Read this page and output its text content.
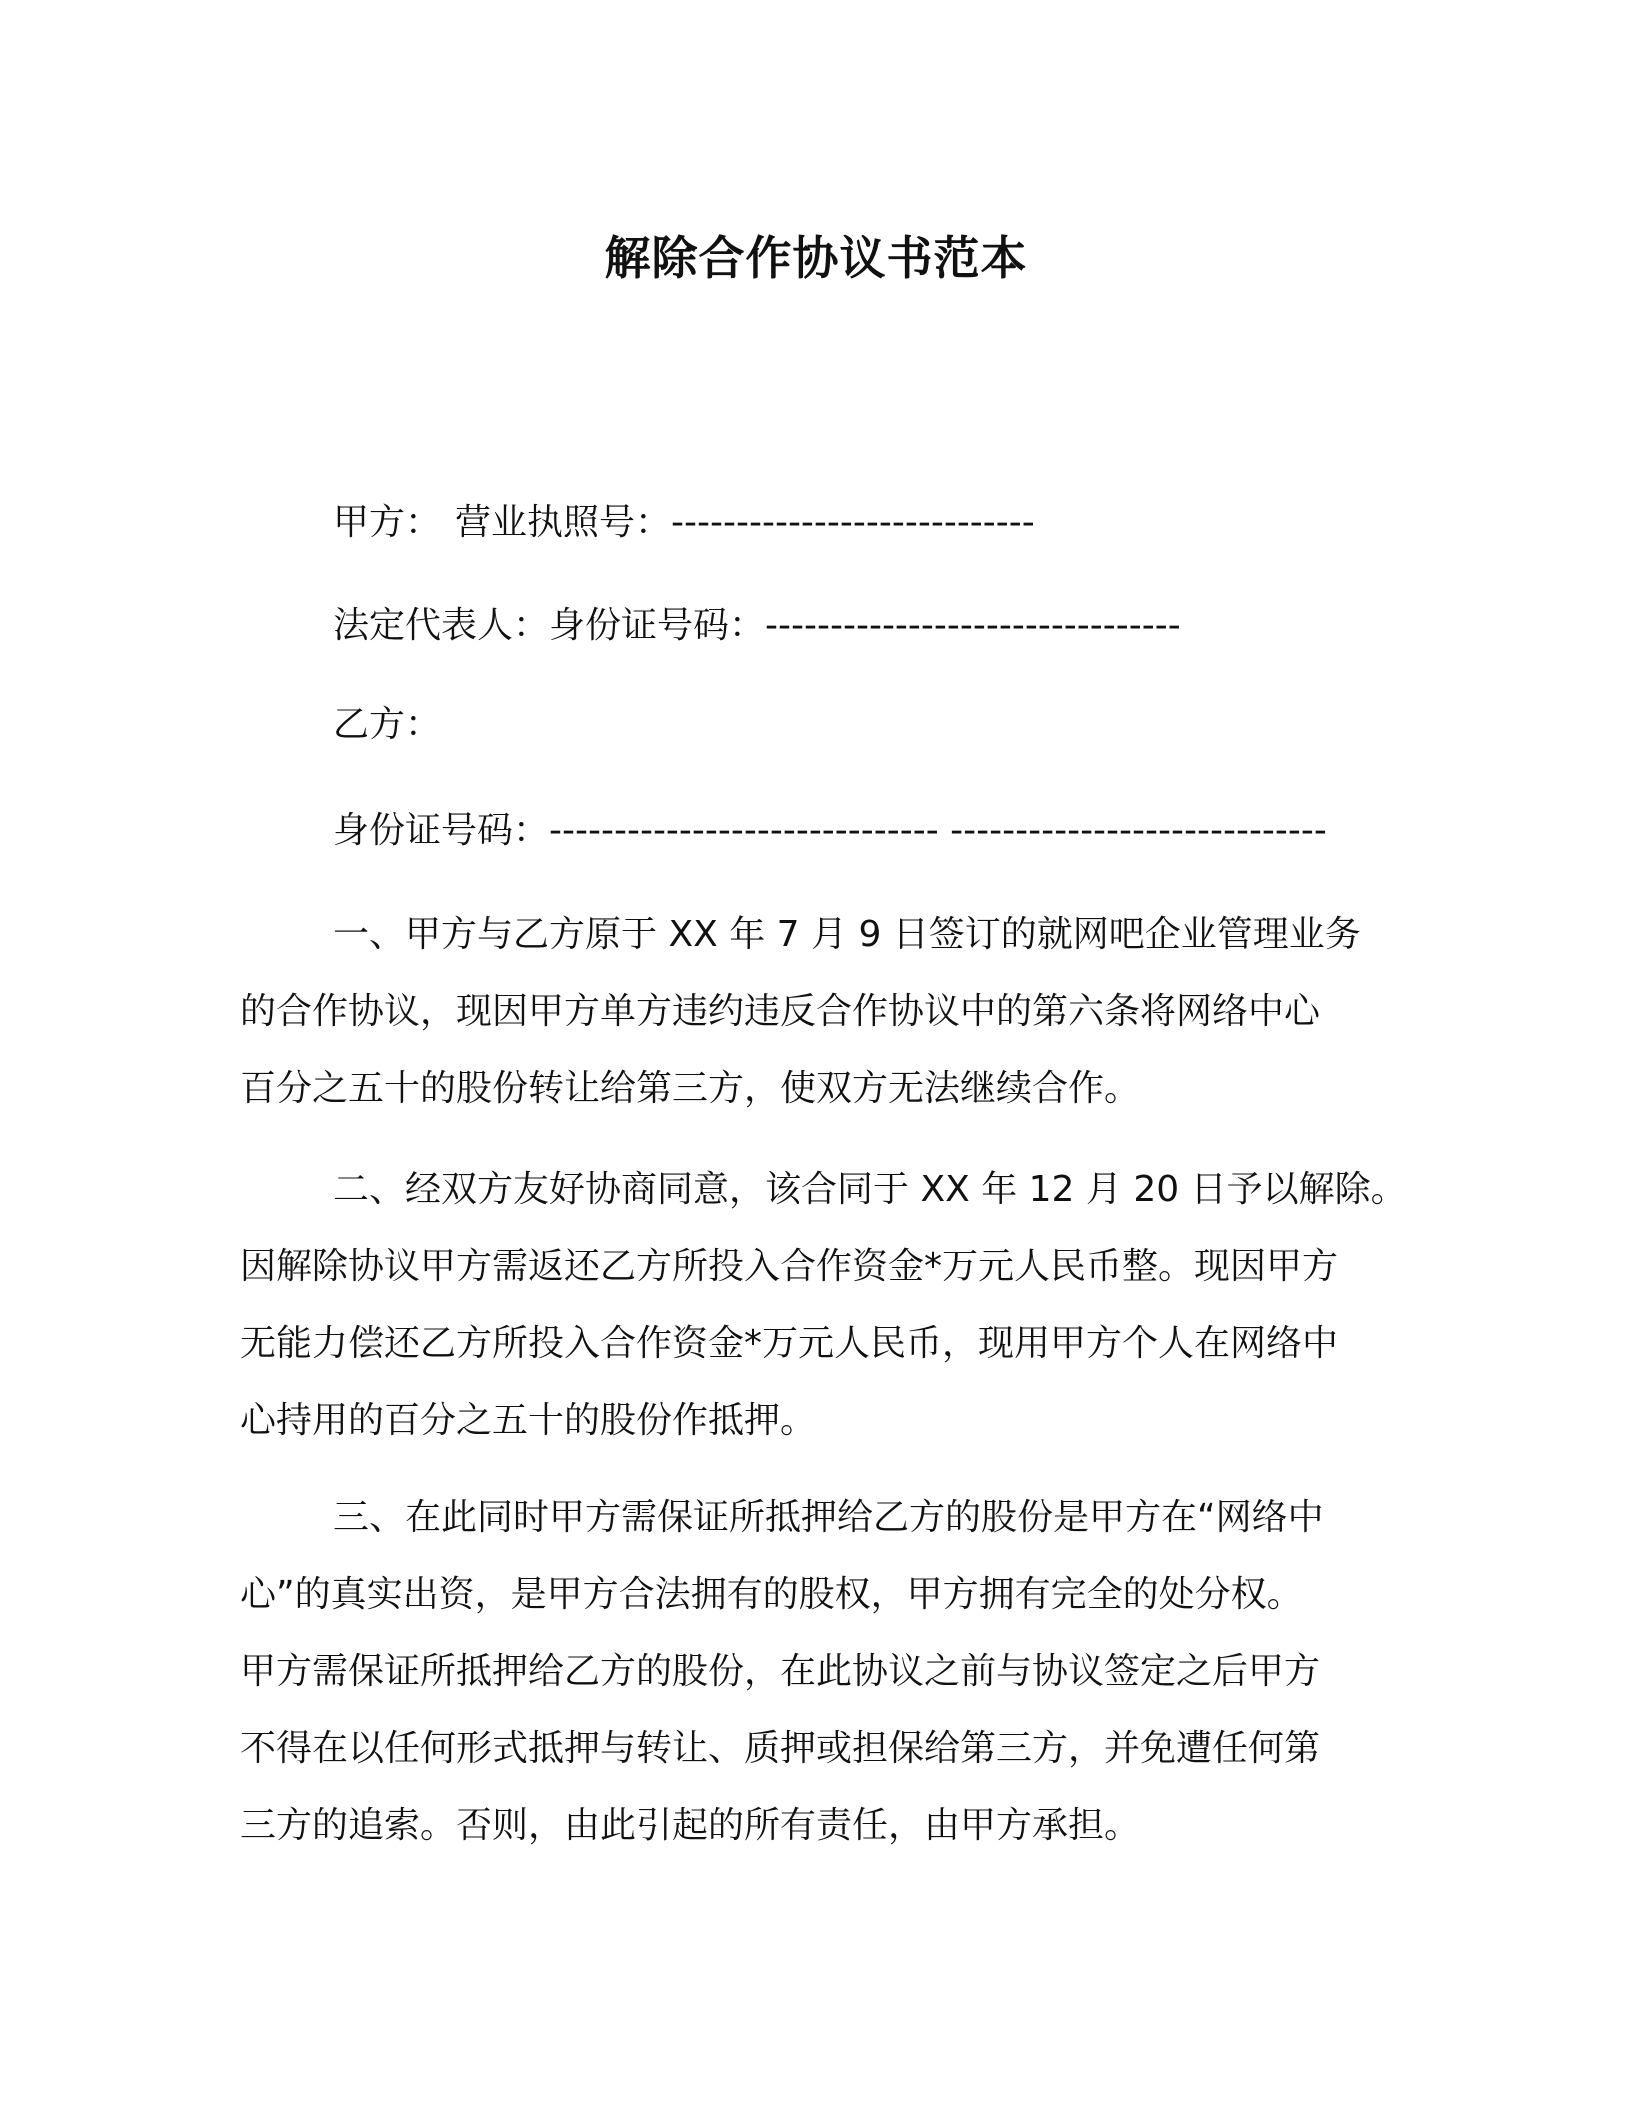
解除合作协议书范本
甲方： 营业执照号：----------------------------
法定代表人：身份证号码：--------------------------------
乙方：
身份证号码：------------------------------ -----------------------------
一、甲方与乙方原于 XX 年 7 月 9 日签订的就网吧企业管理业务
的合作协议，现因甲方单方违约违反合作协议中的第六条将网络中心
百分之五十的股份转让给第三方，使双方无法继续合作。
二、经双方友好协商同意，该合同于 XX 年 12 月 20 日予以解除。
因解除协议甲方需返还乙方所投入合作资金*万元人民币整。现因甲方
无能力偿还乙方所投入合作资金*万元人民币，现用甲方个人在网络中
心持用的百分之五十的股份作抵押。
三、在此同时甲方需保证所抵押给乙方的股份是甲方在“网络中
心”的真实出资，是甲方合法拥有的股权，甲方拥有完全的处分权。
甲方需保证所抵押给乙方的股份，在此协议之前与协议签定之后甲方
不得在以任何形式抵押与转让、质押或担保给第三方，并免遭任何第
三方的追索。否则，由此引起的所有责任，由甲方承担。
